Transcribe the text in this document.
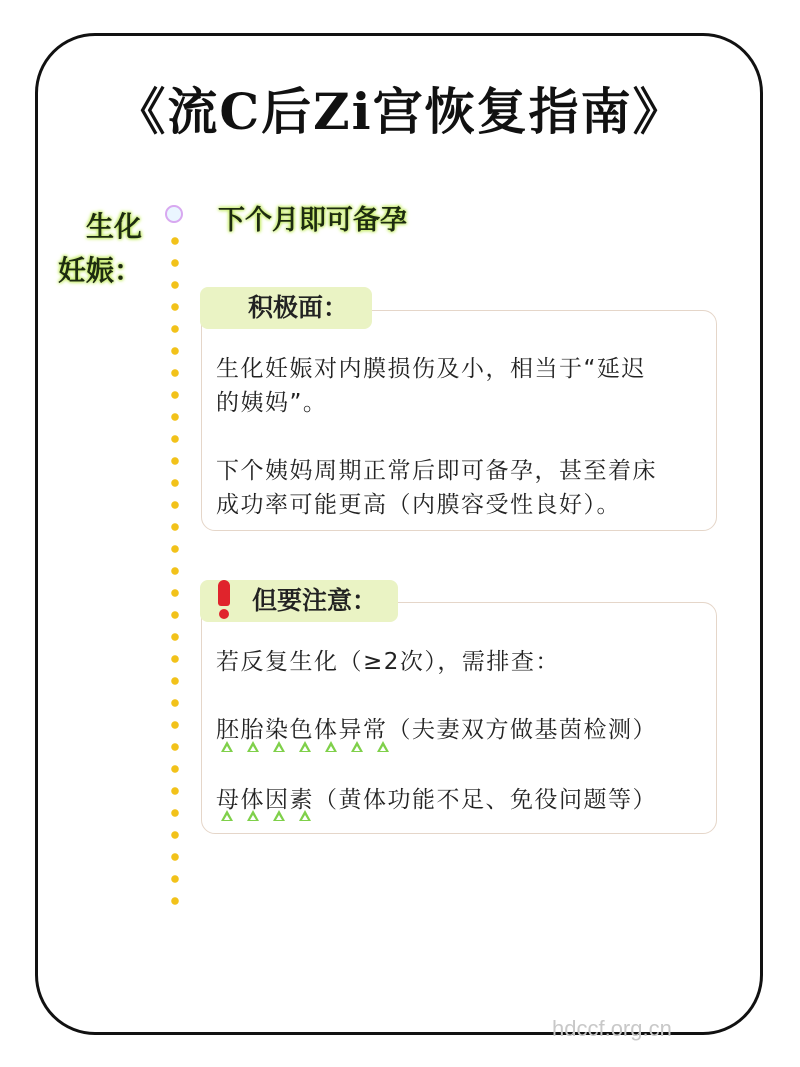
《流C后Zi宫恢复指南》
生化
妊娠：
下个月即可备孕
积极面：
生化妊娠对内膜损伤及小，相当于“延迟
的姨妈”。
下个姨妈周期正常后即可备孕，甚至着床
成功率可能更高（内膜容受性良好）。
但要注意：
若反复生化（≥2次），需排查：
胚胎染色体异常（夫妻双方做基茵检测）
母体因素（黄体功能不足、免役问题等）
hdccf.org.cn
